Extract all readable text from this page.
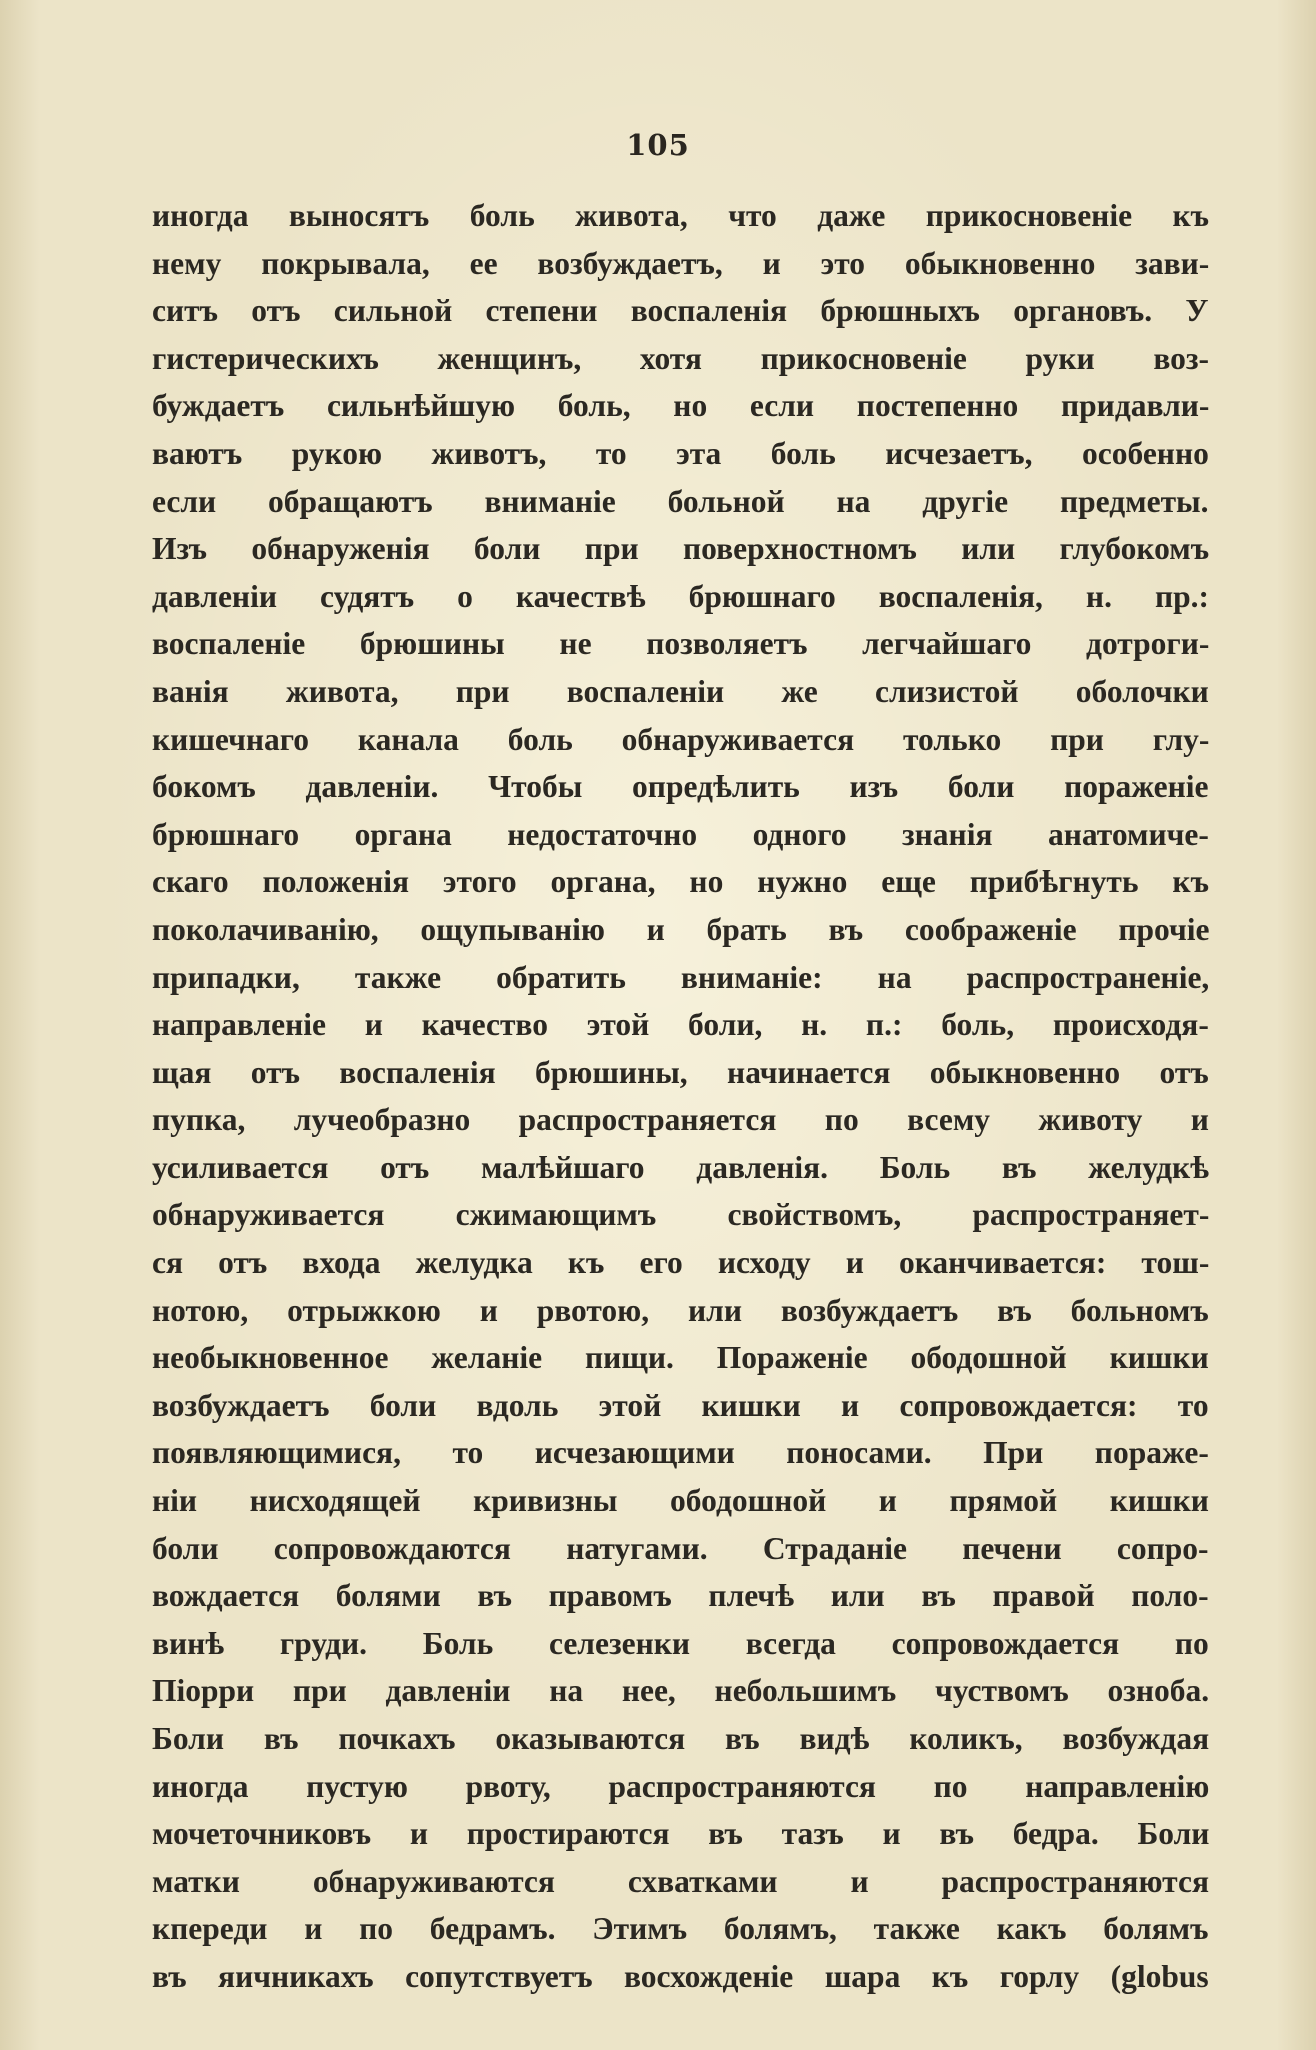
105
иногда выносятъ боль живота, что даже прикосновеніе къ
нему покрывала, ее возбуждаетъ, и это обыкновенно зави-
ситъ отъ сильной степени воспаленія брюшныхъ органовъ. У
гистерическихъ женщинъ, хотя прикосновеніе руки воз-
буждаетъ сильнѣйшую боль, но если постепенно придавли-
ваютъ рукою животъ, то эта боль исчезаетъ, особенно
если обращаютъ вниманіе больной на другіе предметы.
Изъ обнаруженія боли при поверхностномъ или глубокомъ
давленіи судятъ о качествѣ брюшнаго воспаленія, н. пр.:
воспаленіе брюшины не позволяетъ легчайшаго дотроги-
ванія живота, при воспаленіи же слизистой оболочки
кишечнаго канала боль обнаруживается только при глу-
бокомъ давленіи. Чтобы опредѣлить изъ боли пораженіе
брюшнаго органа недостаточно одного знанія анатомиче-
скаго положенія этого органа, но нужно еще прибѣгнуть къ
поколачиванію, ощупыванію и брать въ соображеніе прочіе
припадки, также обратить вниманіе: на распространеніе,
направленіе и качество этой боли, н. п.: боль, происходя-
щая отъ воспаленія брюшины, начинается обыкновенно отъ
пупка, лучеобразно распространяется по всему животу и
усиливается отъ малѣйшаго давленія. Боль въ желудкѣ
обнаруживается сжимающимъ свойствомъ, распространяет-
ся отъ входа желудка къ его исходу и оканчивается: тош-
нотою, отрыжкою и рвотою, или возбуждаетъ въ больномъ
необыкновенное желаніе пищи. Пораженіе ободошной кишки
возбуждаетъ боли вдоль этой кишки и сопровождается: то
появляющимися, то исчезающими поносами. При пораже-
ніи нисходящей кривизны ободошной и прямой кишки
боли сопровождаются натугами. Страданіе печени сопро-
вождается болями въ правомъ плечѣ или въ правой поло-
винѣ груди. Боль селезенки всегда сопровождается по
Піорри при давленіи на нее, небольшимъ чуствомъ озноба.
Боли въ почкахъ оказываются въ видѣ коликъ, возбуждая
иногда пустую рвоту, распространяются по направленію
мочеточниковъ и простираются въ тазъ и въ бедра. Боли
матки обнаруживаются схватками и распространяются
кпереди и по бедрамъ. Этимъ болямъ, также какъ болямъ
въ яичникахъ сопутствуетъ восхожденіе шара къ горлу (globus
